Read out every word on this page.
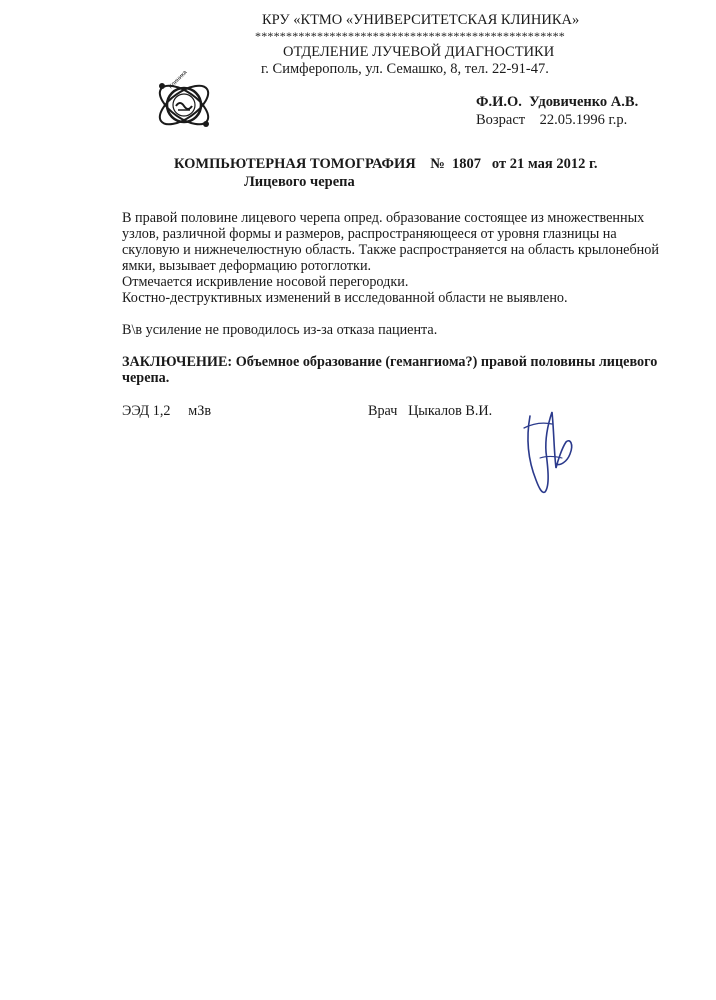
КРУ «КТМО «УНИВЕРСИТЕТСКАЯ КЛИНИКА»
**************************************************
ОТДЕЛЕНИЕ ЛУЧЕВОЙ ДИАГНОСТИКИ
г. Симферополь, ул. Семашко, 8, тел. 22-91-47.
Клиника
Ф.И.О. Удовиченко А.В.
Возраст 22.05.1996 г.р.
КОМПЬЮТЕРНАЯ ТОМОГРАФИЯ № 1807 от 21 мая 2012 г.
Лицевого черепа
В правой половине лицевого черепа опред. образование состоящее из множественных
узлов, различной формы и размеров, распространяющееся от уровня глазницы на
скуловую и нижнечелюстную область. Также распространяется на область крылонебной
ямки, вызывает деформацию ротоглотки.
Отмечается искривление носовой перегородки.
Костно-деструктивных изменений в исследованной области не выявлено.
В\в усиление не проводилось из-за отказа пациента.
ЗАКЛЮЧЕНИЕ: Объемное образование (гемангиома?) правой половины лицевого
черепа.
ЭЭД 1,2 мЗв	Врач Цыкалов В.И.
